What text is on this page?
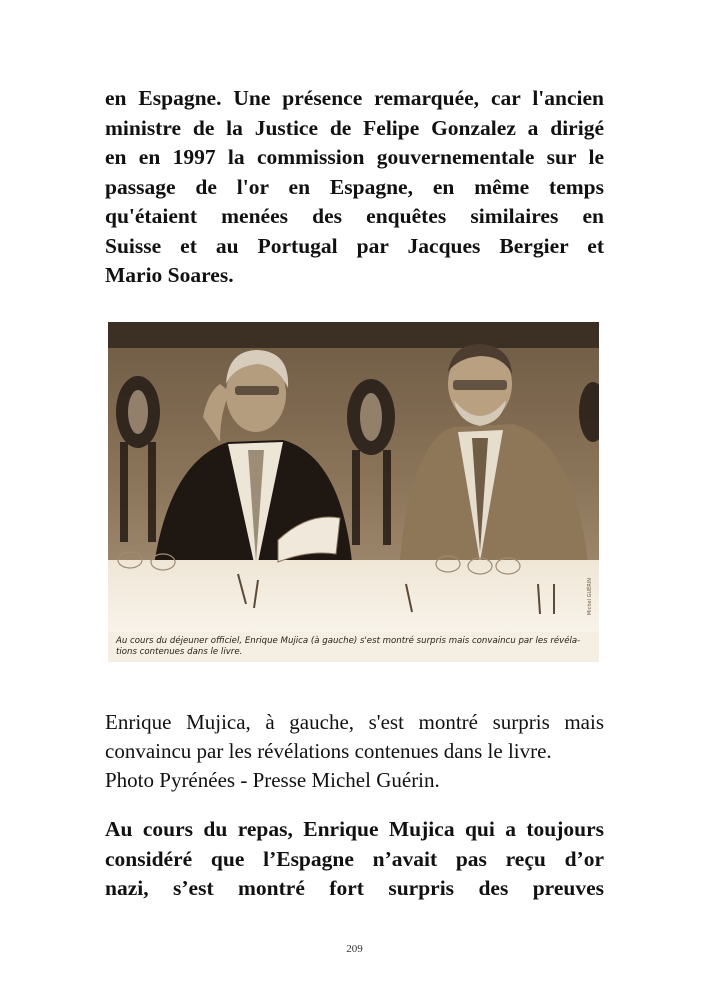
en Espagne. Une présence remarquée, car l'ancien
ministre de la Justice de Felipe Gonzalez a dirigé
en en 1997 la commission gouvernementale sur le
passage de l'or en Espagne, en même temps
qu'étaient menées des enquêtes similaires en
Suisse et au Portugal par Jacques Bergier et
Mario Soares.

Michel GUÉRIN
Au cours du déjeuner officiel, Enrique Mujica (à gauche) s'est montré surpris mais convaincu par les révéla-
tions contenues dans le livre.

Enrique Mujica, à gauche, s'est montré surpris mais
convaincu par les révélations contenues dans le livre.
Photo Pyrénées - Presse Michel Guérin.

Au cours du repas, Enrique Mujica qui a toujours
considéré que l’Espagne n’avait pas reçu d’or
nazi, s’est montré fort surpris des preuves

209
